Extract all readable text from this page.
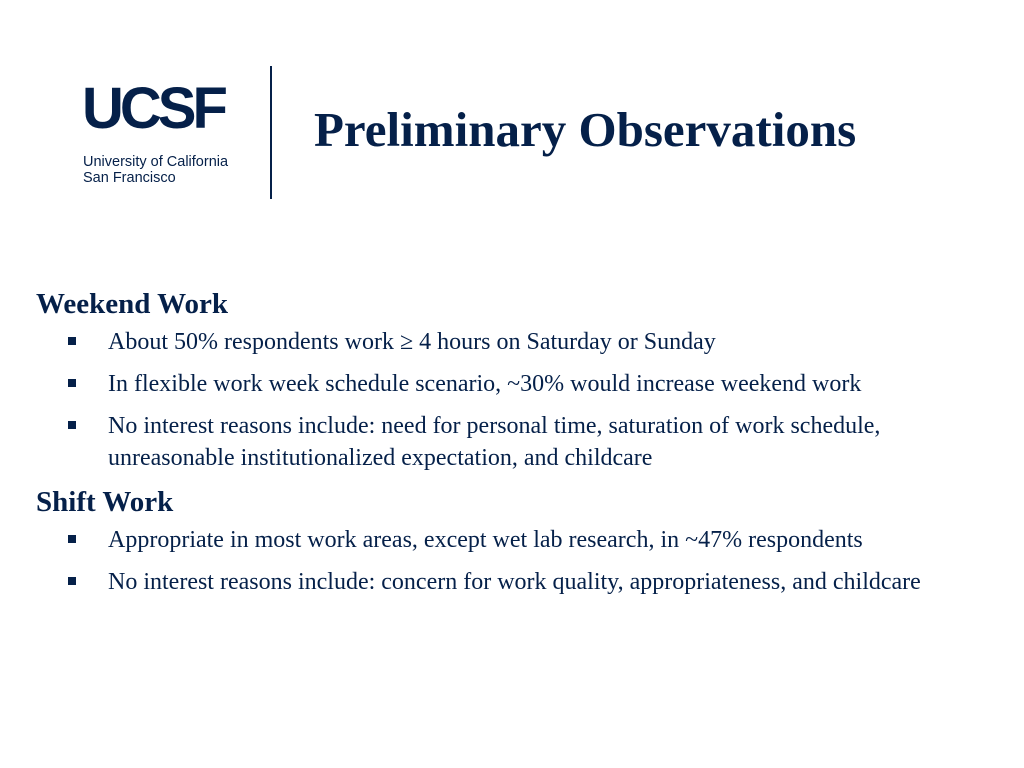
UCSF
University of California
San Francisco
Preliminary Observations
Weekend Work
About 50% respondents work ≥ 4 hours on Saturday or Sunday
In flexible work week schedule scenario, ~30% would increase weekend work
No interest reasons include: need for personal time, saturation of work schedule, unreasonable institutionalized expectation, and childcare
Shift Work
Appropriate in most work areas, except wet lab research, in ~47% respondents
No interest reasons include: concern for work quality, appropriateness, and childcare
